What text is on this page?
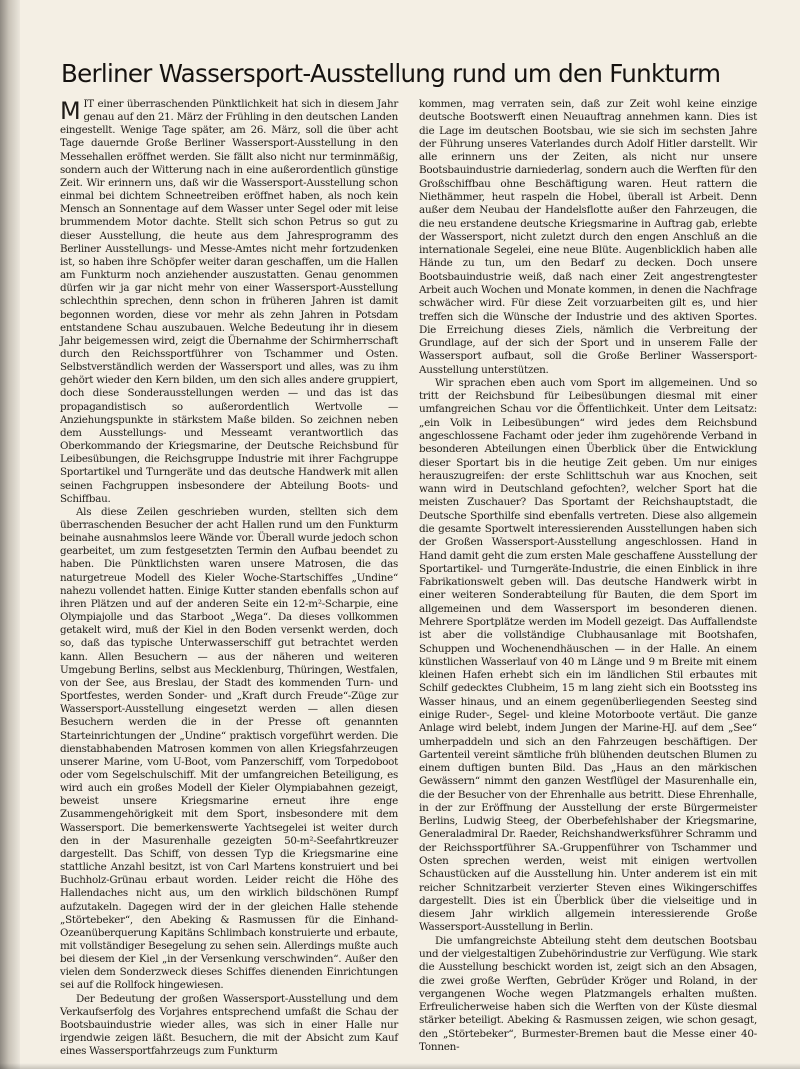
Berliner Wassersport-Ausstellung rund um den Funkturm

MIT einer überraschenden Pünktlichkeit hat sich in diesem Jahr genau auf den 21. März der Frühling in den deutschen Landen eingestellt. Wenige Tage später, am 26. März, soll die über acht Tage dauernde Große Berliner Wassersport-Ausstellung in den Messehallen eröffnet werden. Sie fällt also nicht nur terminmäßig, sondern auch der Witterung nach in eine außerordentlich günstige Zeit. Wir erinnern uns, daß wir die Wassersport-Ausstellung schon einmal bei dichtem Schneetreiben eröffnet haben, als noch kein Mensch an Sonnentage auf dem Wasser unter Segel oder mit leise brummendem Motor dachte. Stellt sich schon Petrus so gut zu dieser Ausstellung, die heute aus dem Jahresprogramm des Berliner Ausstellungs- und Messe-Amtes nicht mehr fortzudenken ist, so haben ihre Schöpfer weiter daran geschaffen, um die Hallen am Funkturm noch anziehender auszustatten. Genau genommen dürfen wir ja gar nicht mehr von einer Wassersport-Ausstellung schlechthin sprechen, denn schon in früheren Jahren ist damit begonnen worden, diese vor mehr als zehn Jahren in Potsdam entstandene Schau auszubauen. Welche Bedeutung ihr in diesem Jahr beigemessen wird, zeigt die Übernahme der Schirmherrschaft durch den Reichssportführer von Tschammer und Osten. Selbstverständlich werden der Wassersport und alles, was zu ihm gehört wieder den Kern bilden, um den sich alles andere gruppiert, doch diese Sonderausstellungen werden — und das ist das propagandistisch so außerordentlich Wertvolle — Anziehungspunkte in stärkstem Maße bilden. So zeichnen neben dem Ausstellungs- und Messeamt verantwortlich das Oberkommando der Kriegsmarine, der Deutsche Reichsbund für Leibesübungen, die Reichsgruppe Industrie mit ihrer Fachgruppe Sportartikel und Turngeräte und das deutsche Handwerk mit allen seinen Fachgruppen insbesondere der Abteilung Boots- und Schiffbau.

Als diese Zeilen geschrieben wurden, stellten sich dem überraschenden Besucher der acht Hallen rund um den Funkturm beinahe ausnahmslos leere Wände vor. Überall wurde jedoch schon gearbeitet, um zum festgesetzten Termin den Aufbau beendet zu haben. Die Pünktlichsten waren unsere Matrosen, die das naturgetreue Modell des Kieler Woche-Startschiffes „Undine“ nahezu vollendet hatten. Einige Kutter standen ebenfalls schon auf ihren Plätzen und auf der anderen Seite ein 12-m²-Scharpie, eine Olympiajolle und das Starboot „Wega“. Da dieses vollkommen getakelt wird, muß der Kiel in den Boden versenkt werden, doch so, daß das typische Unterwasserschiff gut betrachtet werden kann. Allen Besuchern — aus der näheren und weiteren Umgebung Berlins, selbst aus Mecklenburg, Thüringen, Westfalen, von der See, aus Breslau, der Stadt des kommenden Turn- und Sportfestes, werden Sonder- und „Kraft durch Freude“-Züge zur Wassersport-Ausstellung eingesetzt werden — allen diesen Besuchern werden die in der Presse oft genannten Starteinrichtungen der „Undine“ praktisch vorgeführt werden. Die dienstabhabenden Matrosen kommen von allen Kriegsfahrzeugen unserer Marine, vom U-Boot, vom Panzerschiff, vom Torpedoboot oder vom Segelschulschiff. Mit der umfangreichen Beteiligung, es wird auch ein großes Modell der Kieler Olympiabahnen gezeigt, beweist unsere Kriegsmarine erneut ihre enge Zusammengehörigkeit mit dem Sport, insbesondere mit dem Wassersport. Die bemerkenswerte Yachtsegelei ist weiter durch den in der Masurenhalle gezeigten 50-m²-Seefahrtkreuzer dargestellt. Das Schiff, von dessen Typ die Kriegsmarine eine stattliche Anzahl besitzt, ist von Carl Martens konstruiert und bei Buchholz-Grünau erbaut worden. Leider reicht die Höhe des Hallendaches nicht aus, um den wirklich bildschönen Rumpf aufzutakeln. Dagegen wird der in der gleichen Halle stehende „Störtebeker“, den Abeking & Rasmussen für die Einhand-Ozeanüberquerung Kapitäns Schlimbach konstruierte und erbaute, mit vollständiger Besegelung zu sehen sein. Allerdings mußte auch bei diesem der Kiel „in der Versenkung verschwinden“. Außer den vielen dem Sonderzweck dieses Schiffes dienenden Einrichtungen sei auf die Rollfock hingewiesen.

Der Bedeutung der großen Wassersport-Ausstellung und dem Verkaufserfolg des Vorjahres entsprechend umfaßt die Schau der Bootsbauindustrie wieder alles, was sich in einer Halle nur irgendwie zeigen läßt. Besuchern, die mit der Absicht zum Kauf eines Wassersportfahrzeugs zum Funkturm

kommen, mag verraten sein, daß zur Zeit wohl keine einzige deutsche Bootswerft einen Neuauftrag annehmen kann. Dies ist die Lage im deutschen Bootsbau, wie sie sich im sechsten Jahre der Führung unseres Vaterlandes durch Adolf Hitler darstellt. Wir alle erinnern uns der Zeiten, als nicht nur unsere Bootsbauindustrie darniederlag, sondern auch die Werften für den Großschiffbau ohne Beschäftigung waren. Heut rattern die Niethämmer, heut raspeln die Hobel, überall ist Arbeit. Denn außer dem Neubau der Handelsflotte außer den Fahrzeugen, die die neu erstandene deutsche Kriegsmarine in Auftrag gab, erlebte der Wassersport, nicht zuletzt durch den engen Anschluß an die internationale Segelei, eine neue Blüte. Augenblicklich haben alle Hände zu tun, um den Bedarf zu decken. Doch unsere Bootsbauindustrie weiß, daß nach einer Zeit angestrengtester Arbeit auch Wochen und Monate kommen, in denen die Nachfrage schwächer wird. Für diese Zeit vorzuarbeiten gilt es, und hier treffen sich die Wünsche der Industrie und des aktiven Sportes. Die Erreichung dieses Ziels, nämlich die Verbreitung der Grundlage, auf der sich der Sport und in unserem Falle der Wassersport aufbaut, soll die Große Berliner Wassersport-Ausstellung unterstützen.

Wir sprachen eben auch vom Sport im allgemeinen. Und so tritt der Reichsbund für Leibesübungen diesmal mit einer umfangreichen Schau vor die Öffentlichkeit. Unter dem Leitsatz: „ein Volk in Leibesübungen“ wird jedes dem Reichsbund angeschlossene Fachamt oder jeder ihm zugehörende Verband in besonderen Abteilungen einen Überblick über die Entwicklung dieser Sportart bis in die heutige Zeit geben. Um nur einiges herauszugreifen: der erste Schlittschuh war aus Knochen, seit wann wird in Deutschland gefochten?, welcher Sport hat die meisten Zuschauer? Das Sportamt der Reichshauptstadt, die Deutsche Sporthilfe sind ebenfalls vertreten. Diese also allgemein die gesamte Sportwelt interessierenden Ausstellungen haben sich der Großen Wassersport-Ausstellung angeschlossen. Hand in Hand damit geht die zum ersten Male geschaffene Ausstellung der Sportartikel- und Turngeräte-Industrie, die einen Einblick in ihre Fabrikationswelt geben will. Das deutsche Handwerk wirbt in einer weiteren Sonderabteilung für Bauten, die dem Sport im allgemeinen und dem Wassersport im besonderen dienen. Mehrere Sportplätze werden im Modell gezeigt. Das Auffallendste ist aber die vollständige Clubhausanlage mit Bootshafen, Schuppen und Wochenendhäuschen — in der Halle. An einem künstlichen Wasserlauf von 40 m Länge und 9 m Breite mit einem kleinen Hafen erhebt sich ein im ländlichen Stil erbautes mit Schilf gedecktes Clubheim, 15 m lang zieht sich ein Bootssteg ins Wasser hinaus, und an einem gegenüberliegenden Seesteg sind einige Ruder-, Segel- und kleine Motorboote vertäut. Die ganze Anlage wird belebt, indem Jungen der Marine-HJ. auf dem „See“ umherpaddeln und sich an den Fahrzeugen beschäftigen. Der Gartenteil vereint sämtliche früh blühenden deutschen Blumen zu einem duftigen bunten Bild. Das „Haus an den märkischen Gewässern“ nimmt den ganzen Westflügel der Masurenhalle ein, die der Besucher von der Ehrenhalle aus betritt. Diese Ehrenhalle, in der zur Eröffnung der Ausstellung der erste Bürgermeister Berlins, Ludwig Steeg, der Oberbefehlshaber der Kriegsmarine, Generaladmiral Dr. Raeder, Reichshandwerksführer Schramm und der Reichssportführer SA.-Gruppenführer von Tschammer und Osten sprechen werden, weist mit einigen wertvollen Schaustücken auf die Ausstellung hin. Unter anderem ist ein mit reicher Schnitzarbeit verzierter Steven eines Wikingerschiffes dargestellt. Dies ist ein Überblick über die vielseitige und in diesem Jahr wirklich allgemein interessierende Große Wassersport-Ausstellung in Berlin.

Die umfangreichste Abteilung steht dem deutschen Bootsbau und der vielgestaltigen Zubehörindustrie zur Verfügung. Wie stark die Ausstellung beschickt worden ist, zeigt sich an den Absagen, die zwei große Werften, Gebrüder Kröger und Roland, in der vergangenen Woche wegen Platzmangels erhalten mußten. Erfreulicherweise haben sich die Werften von der Küste diesmal stärker beteiligt. Abeking & Rasmussen zeigen, wie schon gesagt, den „Störtebeker“, Burmester-Bremen baut die Messe einer 40-Tonnen-
